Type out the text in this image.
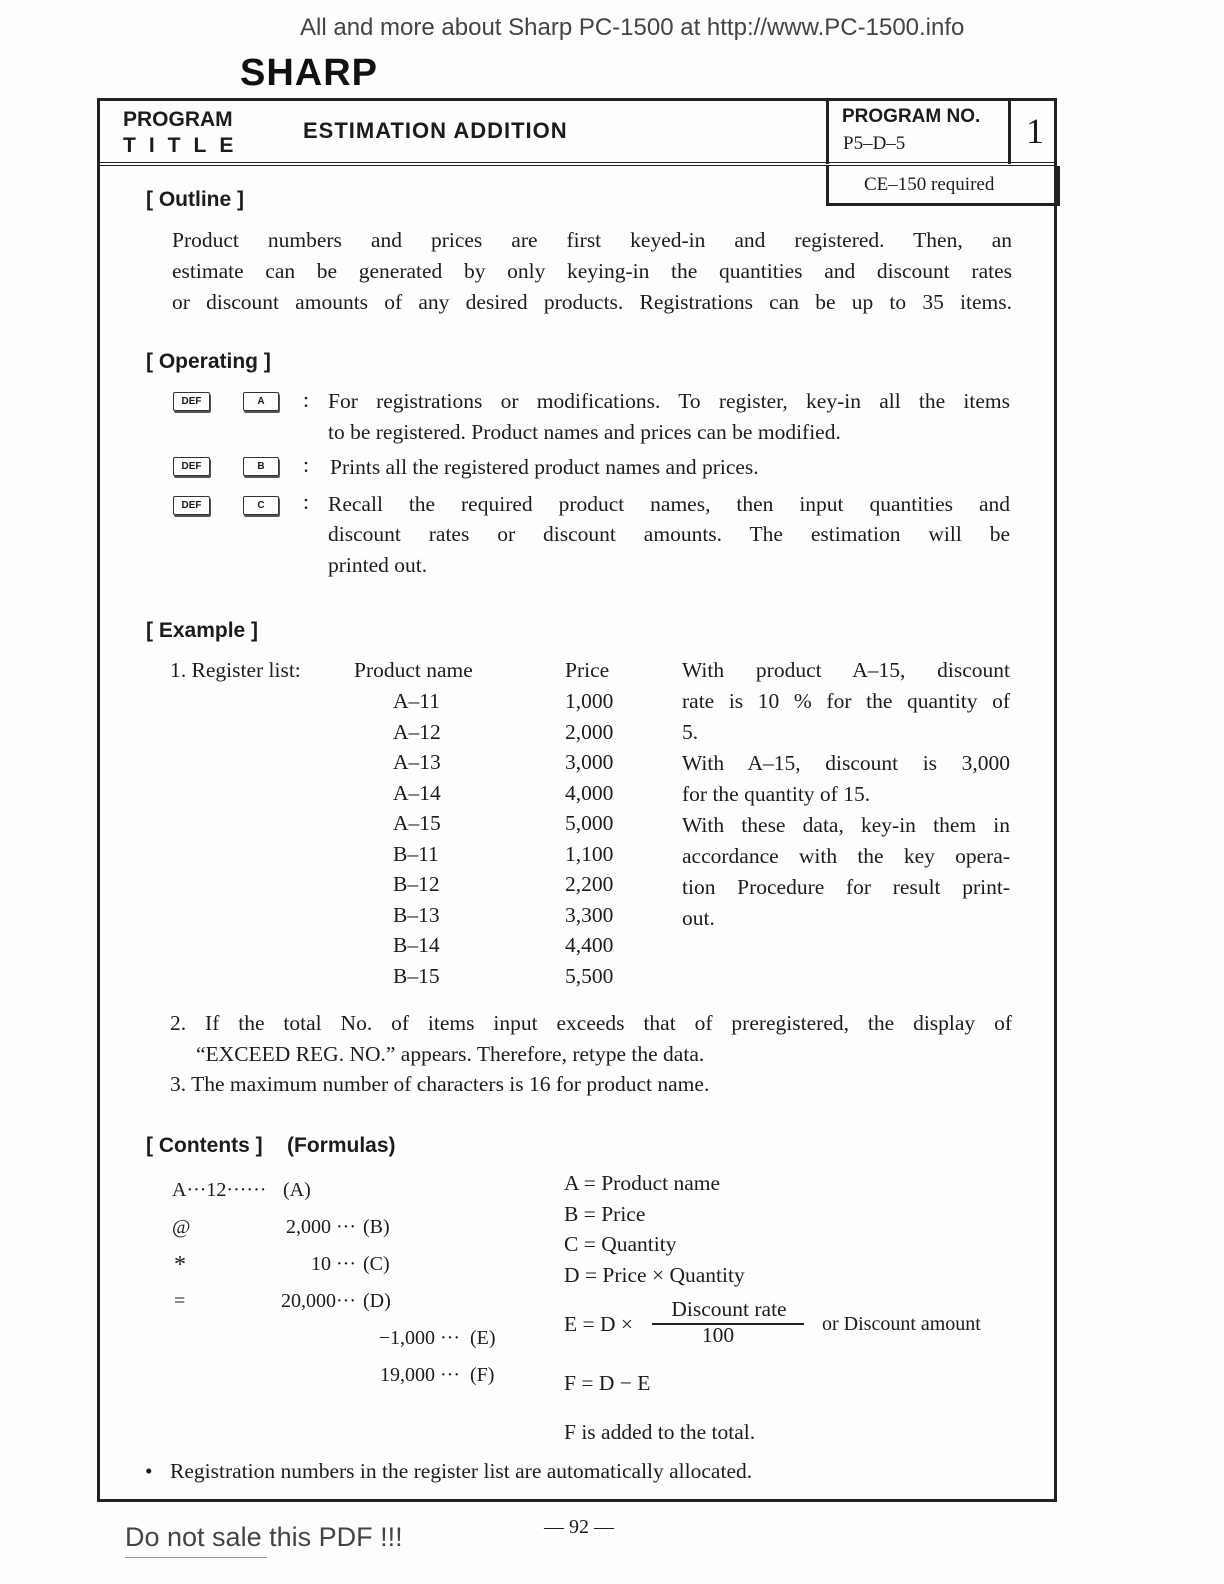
All and more about Sharp PC-1500 at http://www.PC-1500.info
SHARP
PROGRAM
TITLE
ESTIMATION ADDITION
PROGRAM NO.
P5–D–5	1
CE–150 required
[ Outline ]
Product numbers and prices are first keyed-in and registered. Then, an
estimate can be generated by only keying-in the quantities and discount rates
or discount amounts of any desired products. Registrations can be up to 35 items.
[ Operating ]
DEF	A	: For registrations or modifications. To register, key-in all the items
to be registered. Product names and prices can be modified.
DEF	B	: Prints all the registered product names and prices.
DEF	C	: Recall the required product names, then input quantities and
discount rates or discount amounts. The estimation will be
printed out.
[ Example ]
1. Register list: Product name	Price
A–11	1,000
A–12	2,000
A–13	3,000
A–14	4,000
A–15	5,000
B–11	1,100
B–12	2,200
B–13	3,300
B–14	4,400
B–15	5,500
With product A–15, discount
rate is 10 % for the quantity of
5.
With A–15, discount is 3,000
for the quantity of 15.
With these data, key-in them in
accordance with the key opera-
tion Procedure for result print-
out.
2. If the total No. of items input exceeds that of preregistered, the display of
“EXCEED REG. NO.” appears. Therefore, retype the data.
3. The maximum number of characters is 16 for product name.
[ Contents ] (Formulas)
A···12······ (A)
@	2,000 ··· (B)
*	10 ··· (C)
=	20,000··· (D)
−1,000 ··· (E)
19,000 ··· (F)
A = Product name
B = Price
C = Quantity
D = Price × Quantity
E = D ×
Discount rate
100	or Discount amount
F = D − E
F is added to the total.
• Registration numbers in the register list are automatically allocated.
— 92 —
Do not sale this PDF !!!
